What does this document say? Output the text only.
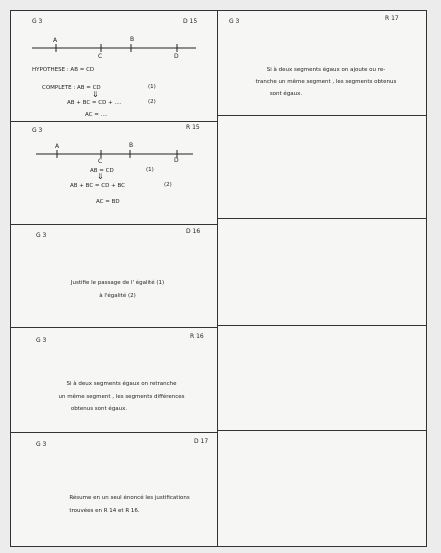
G 3	D 15
A	B
C	D
HYPOTHESE : AB = CD
COMPLETE : AB = CD	(1)
⇓
AB + BC = CD + ....	(2)
AC = ....
G 3	R 15
A	B
C	D
AB = CD	(1)
⇓
AB + BC = CD + BC	(2)
AC = BD
G 3
D 16
Justifie le passage de l' égalité (1)
à l'égalité (2)
G 3
R 16
Si à deux segments égaux on retranche
un même segment , les segments différences
obtenus sont égaux.
G 3	D 17
Résume en un seul énoncé les justifications
trouvées en R 14 et R 16.
G 3	R 17
Si à deux segments égaux on ajoute ou re-
tranche un même segment , les segments obtenus
sont égaux.
